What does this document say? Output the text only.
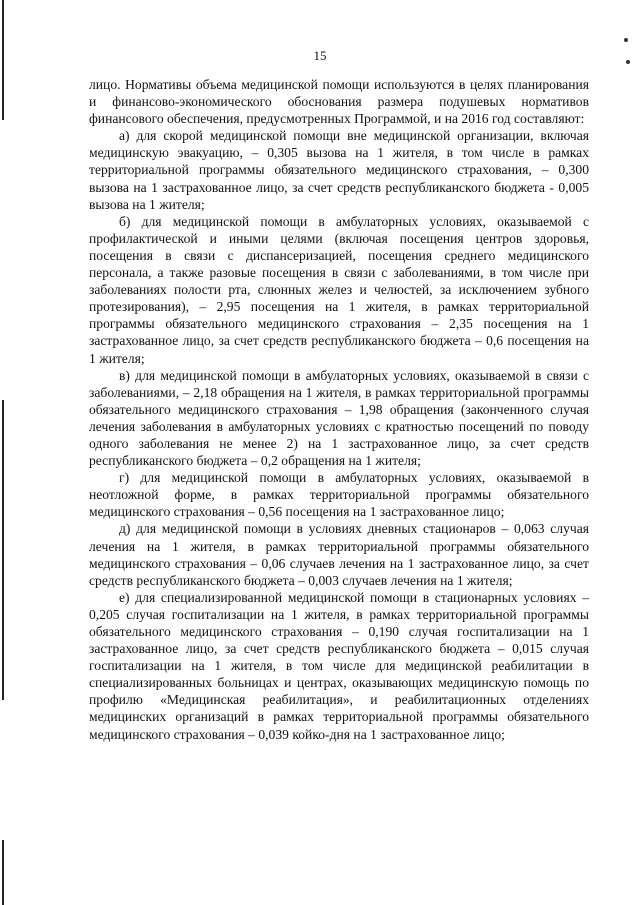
15

лицо. Нормативы объема медицинской помощи используются в целях планирования и финансово-экономического обоснования размера подушевых нормативов финансового обеспечения, предусмотренных Программой, и на 2016 год составляют:

а) для скорой медицинской помощи вне медицинской организации, включая медицинскую эвакуацию, – 0,305 вызова на 1 жителя, в том числе в рамках территориальной программы обязательного медицинского страхования, – 0,300 вызова на 1 застрахованное лицо, за счет средств республиканского бюджета - 0,005 вызова на 1 жителя;

б) для медицинской помощи в амбулаторных условиях, оказываемой с профилактической и иными целями (включая посещения центров здоровья, посещения в связи с диспансеризацией, посещения среднего медицинского персонала, а также разовые посещения в связи с заболеваниями, в том числе при заболеваниях полости рта, слюнных желез и челюстей, за исключением зубного протезирования), – 2,95 посещения на 1 жителя, в рамках территориальной программы обязательного медицинского страхования – 2,35 посещения на 1 застрахованное лицо, за счет средств республиканского бюджета – 0,6 посещения на 1 жителя;

в) для медицинской помощи в амбулаторных условиях, оказываемой в связи с заболеваниями, – 2,18 обращения на 1 жителя, в рамках территориальной программы обязательного медицинского страхования – 1,98 обращения (законченного случая лечения заболевания в амбулаторных условиях с кратностью посещений по поводу одного заболевания не менее 2) на 1 застрахованное лицо, за счет средств республиканского бюджета – 0,2 обращения на 1 жителя;

г) для медицинской помощи в амбулаторных условиях, оказываемой в неотложной форме, в рамках территориальной программы обязательного медицинского страхования – 0,56 посещения на 1 застрахованное лицо;

д) для медицинской помощи в условиях дневных стационаров – 0,063 случая лечения на 1 жителя, в рамках территориальной программы обязательного медицинского страхования – 0,06 случаев лечения на 1 застрахованное лицо, за счет средств республиканского бюджета – 0,003 случаев лечения на 1 жителя;

е) для специализированной медицинской помощи в стационарных условиях – 0,205 случая госпитализации на 1 жителя, в рамках территориальной программы обязательного медицинского страхования – 0,190 случая госпитализации на 1 застрахованное лицо, за счет средств республиканского бюджета – 0,015 случая госпитализации на 1 жителя, в том числе для медицинской реабилитации в специализированных больницах и центрах, оказывающих медицинскую помощь по профилю «Медицинская реабилитация», и реабилитационных отделениях медицинских организаций в рамках территориальной программы обязательного медицинского страхования – 0,039 койко-дня на 1 застрахованное лицо;
